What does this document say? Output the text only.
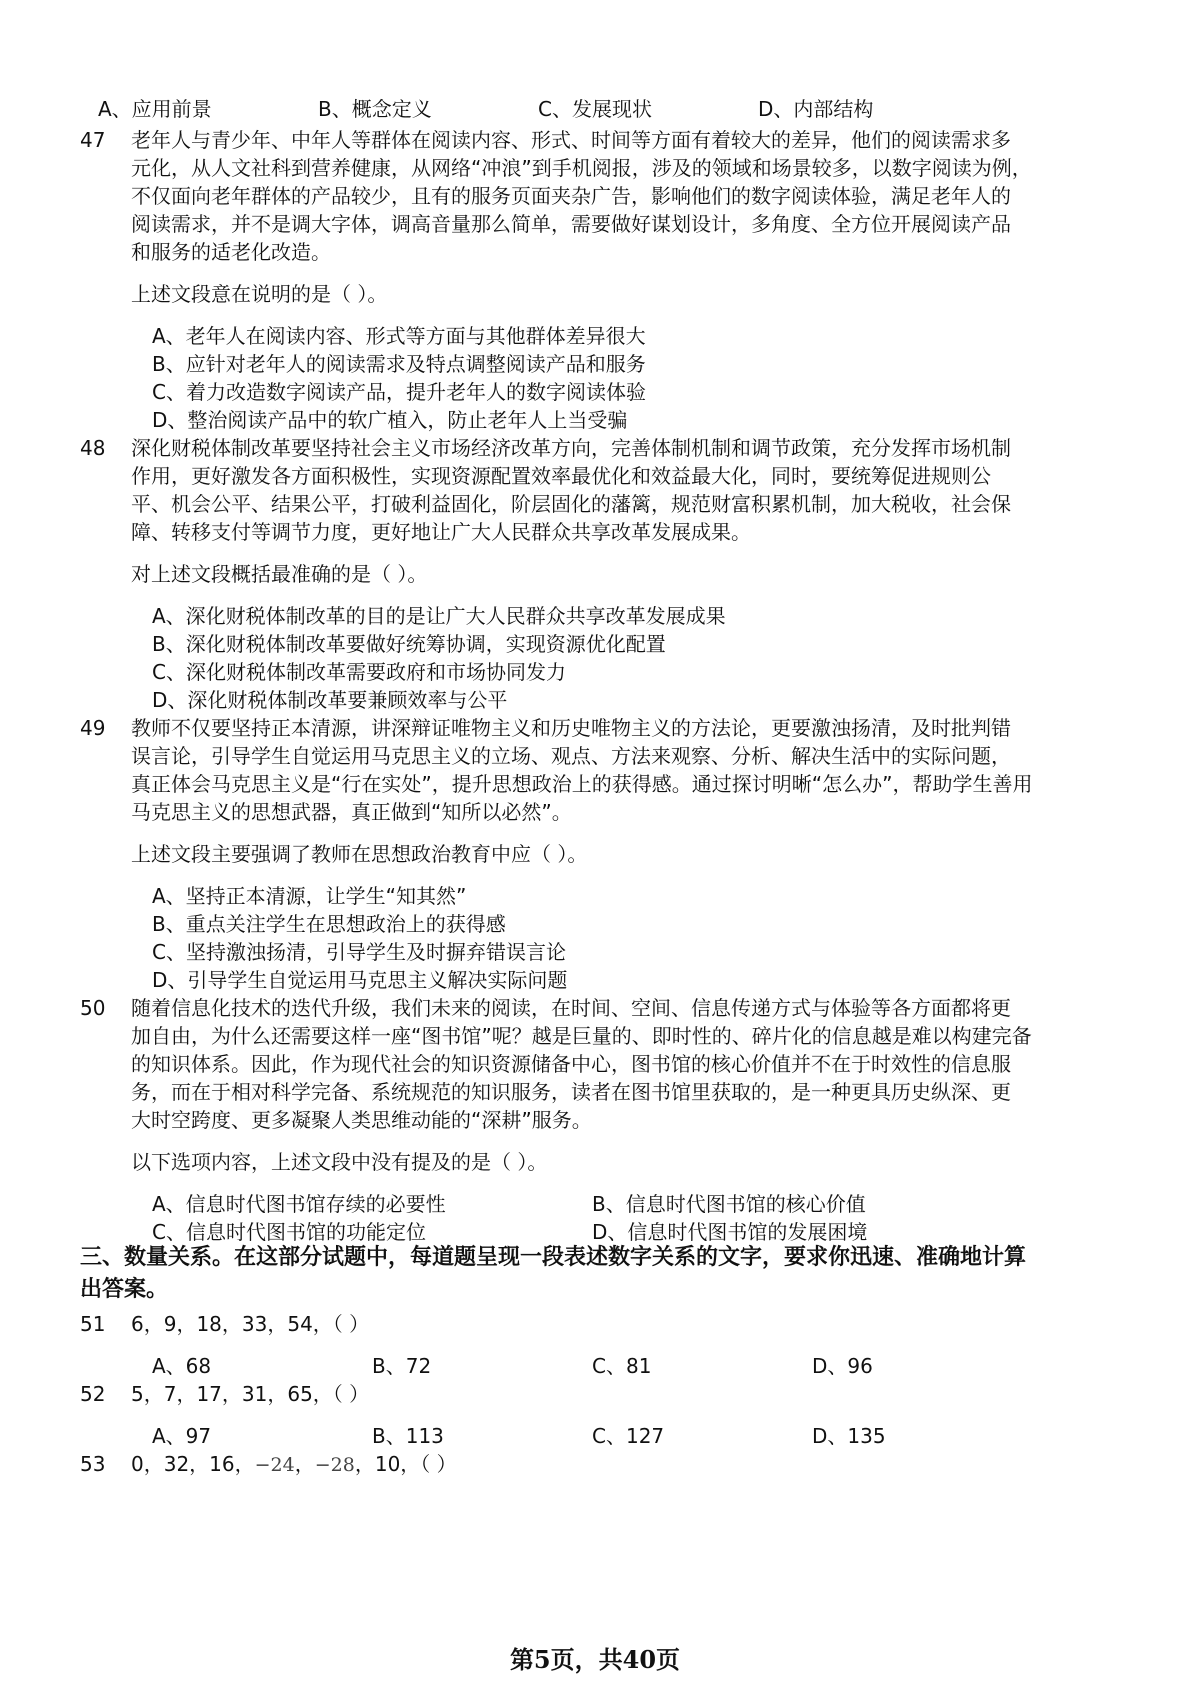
A、应用前景	B、概念定义	C、发展现状	D、内部结构
47 老年人与青少年、中年人等群体在阅读内容、形式、时间等方面有着较大的差异，他们的阅读需求多
元化，从人文社科到营养健康，从网络“冲浪”到手机阅报，涉及的领域和场景较多，以数字阅读为例，
不仅面向老年群体的产品较少，且有的服务页面夹杂广告，影响他们的数字阅读体验，满足老年人的
阅读需求，并不是调大字体，调高音量那么简单，需要做好谋划设计，多角度、全方位开展阅读产品
和服务的适老化改造。
上述文段意在说明的是（ ）。
A、老年人在阅读内容、形式等方面与其他群体差异很大
B、应针对老年人的阅读需求及特点调整阅读产品和服务
C、着力改造数字阅读产品，提升老年人的数字阅读体验
D、整治阅读产品中的软广植入，防止老年人上当受骗
48 深化财税体制改革要坚持社会主义市场经济改革方向，完善体制机制和调节政策，充分发挥市场机制
作用，更好激发各方面积极性，实现资源配置效率最优化和效益最大化，同时，要统筹促进规则公
平、机会公平、结果公平，打破利益固化，阶层固化的藩篱，规范财富积累机制，加大税收，社会保
障、转移支付等调节力度，更好地让广大人民群众共享改革发展成果。
对上述文段概括最准确的是（ ）。
A、深化财税体制改革的目的是让广大人民群众共享改革发展成果
B、深化财税体制改革要做好统筹协调，实现资源优化配置
C、深化财税体制改革需要政府和市场协同发力
D、深化财税体制改革要兼顾效率与公平
49 教师不仅要坚持正本清源，讲深辩证唯物主义和历史唯物主义的方法论，更要激浊扬清，及时批判错
误言论，引导学生自觉运用马克思主义的立场、观点、方法来观察、分析、解决生活中的实际问题，
真正体会马克思主义是“行在实处”，提升思想政治上的获得感。通过探讨明晰“怎么办”，帮助学生善用
马克思主义的思想武器，真正做到“知所以必然”。
上述文段主要强调了教师在思想政治教育中应（ ）。
A、坚持正本清源，让学生“知其然”
B、重点关注学生在思想政治上的获得感
C、坚持激浊扬清，引导学生及时摒弃错误言论
D、引导学生自觉运用马克思主义解决实际问题
50 随着信息化技术的迭代升级，我们未来的阅读，在时间、空间、信息传递方式与体验等各方面都将更
加自由，为什么还需要这样一座“图书馆”呢？越是巨量的、即时性的、碎片化的信息越是难以构建完备
的知识体系。因此，作为现代社会的知识资源储备中心，图书馆的核心价值并不在于时效性的信息服
务，而在于相对科学完备、系统规范的知识服务，读者在图书馆里获取的，是一种更具历史纵深、更
大时空跨度、更多凝聚人类思维动能的“深耕”服务。
以下选项内容，上述文段中没有提及的是（ ）。
A、信息时代图书馆存续的必要性	B、信息时代图书馆的核心价值
C、信息时代图书馆的功能定位	D、信息时代图书馆的发展困境
三、数量关系。在这部分试题中，每道题呈现一段表述数字关系的文字，要求你迅速、准确地计算
出答案。
51 6，9，18，33，54，（ ）
A、68	B、72	C、81	D、96
52 5，7，17，31，65，（ ）
A、97	B、113	C、127	D、135
53 0，32，16，−24，−28，10，（ ）
第5页，共40页
